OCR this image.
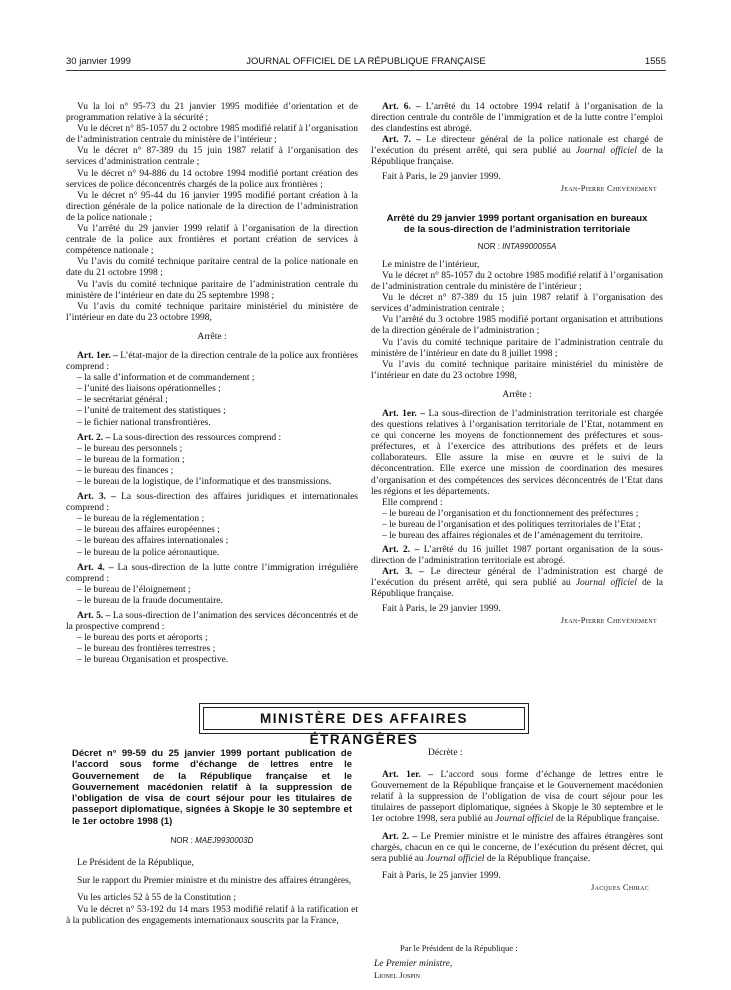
30 janvier 1999	JOURNAL OFFICIEL DE LA RÉPUBLIQUE FRANÇAISE	1555

Vu la loi n° 95-73 du 21 janvier 1995 modifiée d’orientation et de programmation relative à la sécurité ;

Vu le décret n° 85-1057 du 2 octobre 1985 modifié relatif à l’organisation de l’administration centrale du ministère de l’intérieur ;

Vu le décret n° 87-389 du 15 juin 1987 relatif à l’organisation des services d’administration centrale ;

Vu le décret n° 94-886 du 14 octobre 1994 modifié portant création des services de police déconcentrés chargés de la police aux frontières ;

Vu le décret n° 95-44 du 16 janvier 1995 modifié portant création à la direction générale de la police nationale de la direction de l’administration de la police nationale ;

Vu l’arrêté du 29 janvier 1999 relatif à l’organisation de la direction centrale de la police aux frontières et portant création de services à compétence nationale ;

Vu l’avis du comité technique paritaire central de la police nationale en date du 21 octobre 1998 ;

Vu l’avis du comité technique paritaire de l’administration centrale du ministère de l’intérieur en date du 25 septembre 1998 ;

Vu l’avis du comité technique paritaire ministériel du ministère de l’intérieur en date du 23 octobre 1998,

Arrête :

Art. 1er. – L’état-major de la direction centrale de la police aux frontières comprend :

– la salle d’information et de commandement ;

– l’unité des liaisons opérationnelles ;

– le secrétariat général ;

– l’unité de traitement des statistiques ;

– le fichier national transfrontières.

Art. 2. – La sous-direction des ressources comprend :

– le bureau des personnels ;

– le bureau de la formation ;

– le bureau des finances ;

– le bureau de la logistique, de l’informatique et des transmissions.

Art. 3. – La sous-direction des affaires juridiques et internationales comprend :

– le bureau de la réglementation ;

– le bureau des affaires européennes ;

– le bureau des affaires internationales ;

– le bureau de la police aéronautique.

Art. 4. – La sous-direction de la lutte contre l’immigration irrégulière comprend :

– le bureau de l’éloignement ;

– le bureau de la fraude documentaire.

Art. 5. – La sous-direction de l’animation des services déconcentrés et de la prospective comprend :

– le bureau des ports et aéroports ;

– le bureau des frontières terrestres ;

– le bureau Organisation et prospective.

Art. 6. – L’arrêté du 14 octobre 1994 relatif à l’organisation de la direction centrale du contrôle de l’immigration et de la lutte contre l’emploi des clandestins est abrogé.

Art. 7. – Le directeur général de la police nationale est chargé de l’exécution du présent arrêté, qui sera publié au Journal officiel de la République française.

Fait à Paris, le 29 janvier 1999.

Jean-Pierre Chevènement

Arrêté du 29 janvier 1999 portant organisation en bureaux de la sous-direction de l’administration territoriale

NOR : INTA9900055A

Le ministre de l’intérieur,

Vu le décret n° 85-1057 du 2 octobre 1985 modifié relatif à l’organisation de l’administration centrale du ministère de l’intérieur ;

Vu le décret n° 87-389 du 15 juin 1987 relatif à l’organisation des services d’administration centrale ;

Vu l’arrêté du 3 octobre 1985 modifié portant organisation et attributions de la direction générale de l’administration ;

Vu l’avis du comité technique paritaire de l’administration centrale du ministère de l’intérieur en date du 8 juillet 1998 ;

Vu l’avis du comité technique paritaire ministériel du ministère de l’intérieur en date du 23 octobre 1998,

Arrête :

Art. 1er. – La sous-direction de l’administration territoriale est chargée des questions relatives à l’organisation territoriale de l’Etat, notamment en ce qui concerne les moyens de fonctionnement des préfectures et sous-préfectures, et à l’exercice des attributions des préfets et de leurs collaborateurs. Elle assure la mise en œuvre et le suivi de la déconcentration. Elle exerce une mission de coordination des mesures d’organisation et des compétences des services déconcentrés de l’Etat dans les régions et les départements.

Elle comprend :

– le bureau de l’organisation et du fonctionnement des préfectures ;

– le bureau de l’organisation et des politiques territoriales de l’Etat ;

– le bureau des affaires régionales et de l’aménagement du territoire.

Art. 2. – L’arrêté du 16 juillet 1987 portant organisation de la sous-direction de l’administration territoriale est abrogé.

Art. 3. – Le directeur général de l’administration est chargé de l’exécution du présent arrêté, qui sera publié au Journal officiel de la République française.

Fait à Paris, le 29 janvier 1999.

Jean-Pierre Chevènement

MINISTÈRE DES AFFAIRES ÉTRANGÈRES

Décret n° 99-59 du 25 janvier 1999 portant publication de l’accord sous forme d’échange de lettres entre le Gouvernement de la République française et le Gouvernement macédonien relatif à la suppression de l’obligation de visa de court séjour pour les titulaires de passeport diplomatique, signées à Skopje le 30 septembre et le 1er octobre 1998 (1)

NOR : MAEJ9930003D

Le Président de la République,

Sur le rapport du Premier ministre et du ministre des affaires étrangères,

Vu les articles 52 à 55 de la Constitution ;

Vu le décret n° 53-192 du 14 mars 1953 modifié relatif à la ratification et à la publication des engagements internationaux souscrits par la France,

Décrète :

Art. 1er. – L’accord sous forme d’échange de lettres entre le Gouvernement de la République française et le Gouvernement macédonien relatif à la suppression de l’obligation de visa de court séjour pour les titulaires de passeport diplomatique, signées à Skopje le 30 septembre et le 1er octobre 1998, sera publié au Journal officiel de la République française.

Art. 2. – Le Premier ministre et le ministre des affaires étrangères sont chargés, chacun en ce qui le concerne, de l’exécution du présent décret, qui sera publié au Journal officiel de la République française.

Fait à Paris, le 25 janvier 1999.

Jacques Chirac

Par le Président de la République :

Le Premier ministre,

Lionel Jospin
